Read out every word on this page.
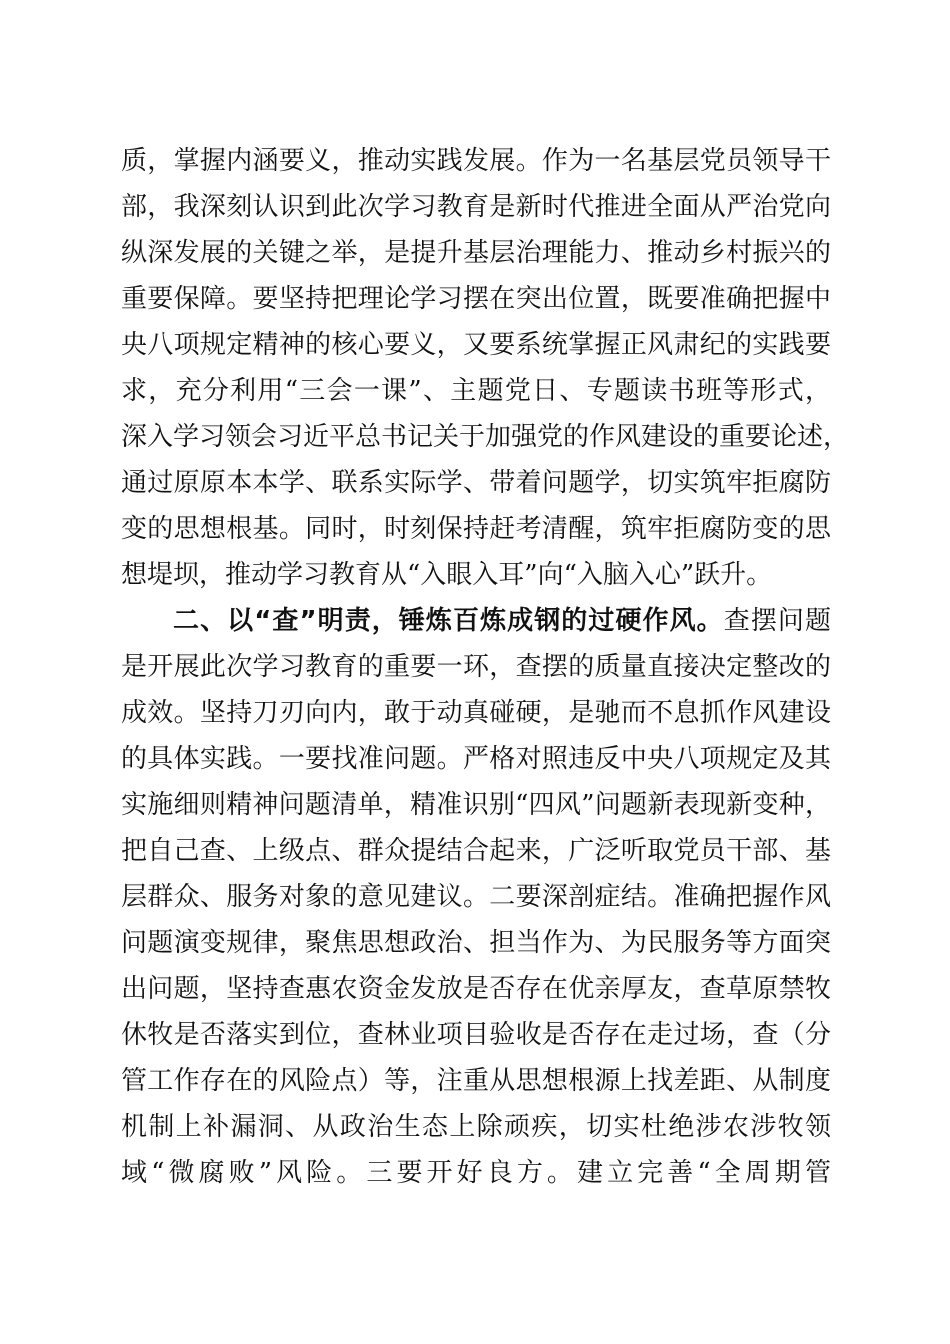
质，掌握内涵要义，推动实践发展。作为一名基层党员领导干
部，我深刻认识到此次学习教育是新时代推进全面从严治党向
纵深发展的关键之举，是提升基层治理能力、推动乡村振兴的
重要保障。要坚持把理论学习摆在突出位置，既要准确把握中
央八项规定精神的核心要义，又要系统掌握正风肃纪的实践要
求，充分利用“三会一课”、主题党日、专题读书班等形式，
深入学习领会习近平总书记关于加强党的作风建设的重要论述，
通过原原本本学、联系实际学、带着问题学，切实筑牢拒腐防
变的思想根基。同时，时刻保持赶考清醒，筑牢拒腐防变的思
想堤坝，推动学习教育从“入眼入耳”向“入脑入心”跃升。
二、以“查”明责，锤炼百炼成钢的过硬作风。查摆问题
是开展此次学习教育的重要一环，查摆的质量直接决定整改的
成效。坚持刀刃向内，敢于动真碰硬，是驰而不息抓作风建设
的具体实践。一要找准问题。严格对照违反中央八项规定及其
实施细则精神问题清单，精准识别“四风”问题新表现新变种，
把自己查、上级点、群众提结合起来，广泛听取党员干部、基
层群众、服务对象的意见建议。二要深剖症结。准确把握作风
问题演变规律，聚焦思想政治、担当作为、为民服务等方面突
出问题，坚持查惠农资金发放是否存在优亲厚友，查草原禁牧
休牧是否落实到位，查林业项目验收是否存在走过场，查（分
管工作存在的风险点）等，注重从思想根源上找差距、从制度
机制上补漏洞、从政治生态上除顽疾，切实杜绝涉农涉牧领
域“微腐败”风险。三要开好良方。建立完善“全周期管
